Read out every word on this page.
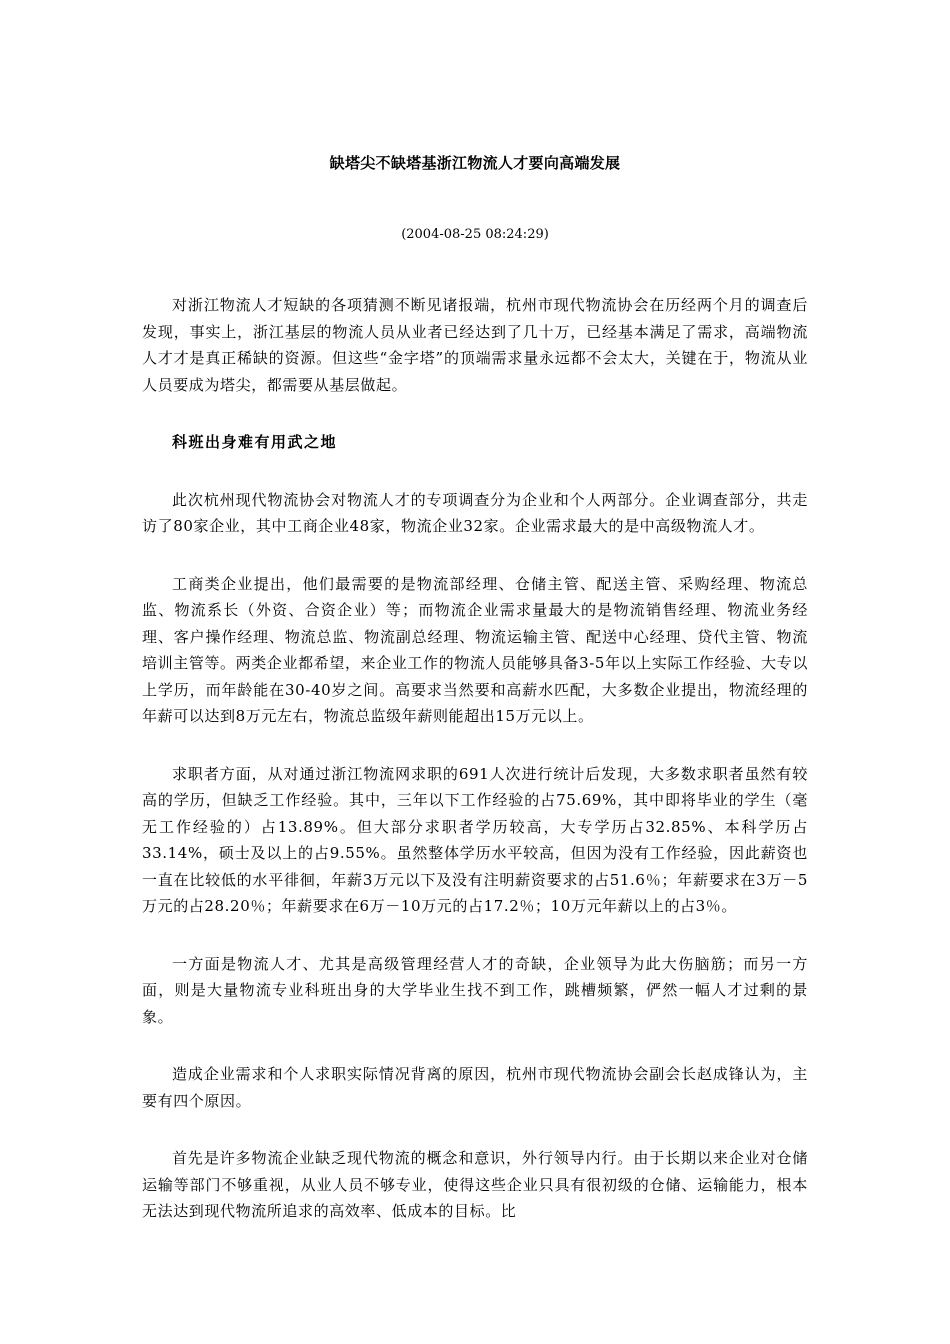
缺塔尖不缺塔基浙江物流人才要向高端发展
(2004-08-25 08:24:29)

对浙江物流人才短缺的各项猜测不断见诸报端，杭州市现代物流协会在历经两个月的调查后发现，事实上，浙江基层的物流人员从业者已经达到了几十万，已经基本满足了需求，高端物流人才才是真正稀缺的资源。但这些“金字塔”的顶端需求量永远都不会太大，关键在于，物流从业人员要成为塔尖，都需要从基层做起。

科班出身难有用武之地

此次杭州现代物流协会对物流人才的专项调查分为企业和个人两部分。企业调查部分，共走访了80家企业，其中工商企业48家，物流企业32家。企业需求最大的是中高级物流人才。

工商类企业提出，他们最需要的是物流部经理、仓储主管、配送主管、采购经理、物流总监、物流系长（外资、合资企业）等；而物流企业需求量最大的是物流销售经理、物流业务经理、客户操作经理、物流总监、物流副总经理、物流运输主管、配送中心经理、贷代主管、物流培训主管等。两类企业都希望，来企业工作的物流人员能够具备3-5年以上实际工作经验、大专以上学历，而年龄能在30-40岁之间。高要求当然要和高薪水匹配，大多数企业提出，物流经理的年薪可以达到8万元左右，物流总监级年薪则能超出15万元以上。

求职者方面，从对通过浙江物流网求职的691人次进行统计后发现，大多数求职者虽然有较高的学历，但缺乏工作经验。其中，三年以下工作经验的占75.69%，其中即将毕业的学生（毫无工作经验的）占13.89%。但大部分求职者学历较高，大专学历占32.85%、本科学历占33.14%，硕士及以上的占9.55%。虽然整体学历水平较高，但因为没有工作经验，因此薪资也一直在比较低的水平徘徊，年薪3万元以下及没有注明薪资要求的占51.6％；年薪要求在3万－5万元的占28.20％；年薪要求在6万－10万元的占17.2％；10万元年薪以上的占3％。

一方面是物流人才、尤其是高级管理经营人才的奇缺，企业领导为此大伤脑筋；而另一方面，则是大量物流专业科班出身的大学毕业生找不到工作，跳槽频繁，俨然一幅人才过剩的景象。

造成企业需求和个人求职实际情况背离的原因，杭州市现代物流协会副会长赵成锋认为，主要有四个原因。

首先是许多物流企业缺乏现代物流的概念和意识，外行领导内行。由于长期以来企业对仓储运输等部门不够重视，从业人员不够专业，使得这些企业只具有很初级的仓储、运输能力，根本无法达到现代物流所追求的高效率、低成本的目标。比
